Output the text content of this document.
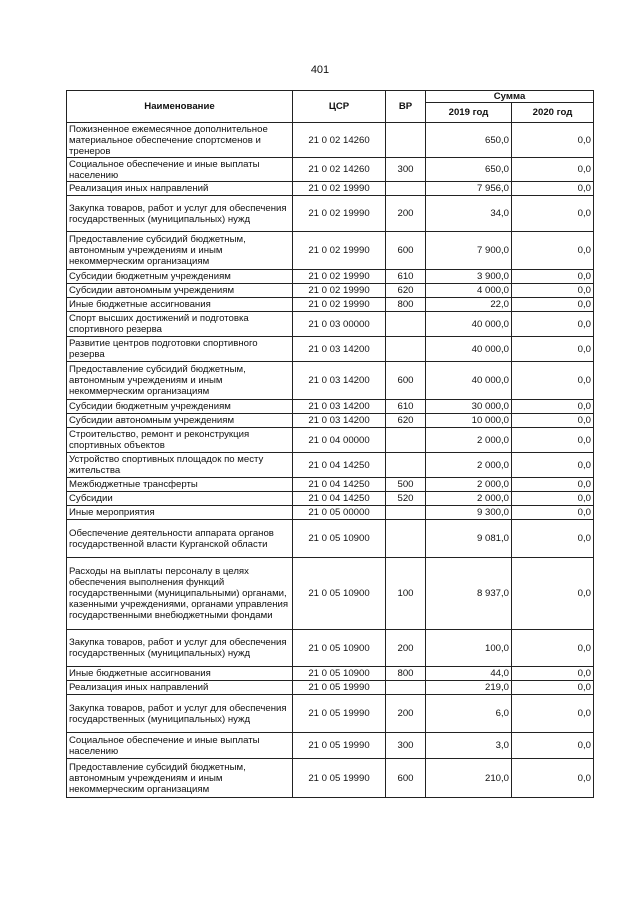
401
Наименование	ЦСР	ВР	Сумма	
			2019 год	2020 год
Пожизненное ежемесячное дополнительное материальное обеспечение спортсменов и тренеров	21 0 02 14260		650,0	0,0
Социальное обеспечение и иные выплаты населению	21 0 02 14260	300	650,0	0,0
Реализация иных направлений	21 0 02 19990		7 956,0	0,0
Закупка товаров, работ и услуг для обеспечения государственных (муниципальных) нужд	21 0 02 19990	200	34,0	0,0
Предоставление субсидий бюджетным, автономным учреждениям и иным некоммерческим организациям	21 0 02 19990	600	7 900,0	0,0
Субсидии бюджетным учреждениям	21 0 02 19990	610	3 900,0	0,0
Субсидии автономным учреждениям	21 0 02 19990	620	4 000,0	0,0
Иные бюджетные ассигнования	21 0 02 19990	800	22,0	0,0
Спорт высших достижений и подготовка спортивного резерва	21 0 03 00000		40 000,0	0,0
Развитие центров подготовки спортивного резерва	21 0 03 14200		40 000,0	0,0
Предоставление субсидий бюджетным, автономным учреждениям и иным некоммерческим организациям	21 0 03 14200	600	40 000,0	0,0
Субсидии бюджетным учреждениям	21 0 03 14200	610	30 000,0	0,0
Субсидии автономным учреждениям	21 0 03 14200	620	10 000,0	0,0
Строительство, ремонт и реконструкция спортивных объектов	21 0 04 00000		2 000,0	0,0
Устройство спортивных площадок по месту жительства	21 0 04 14250		2 000,0	0,0
Межбюджетные трансферты	21 0 04 14250	500	2 000,0	0,0
Субсидии	21 0 04 14250	520	2 000,0	0,0
Иные мероприятия	21 0 05 00000		9 300,0	0,0
Обеспечение деятельности аппарата органов государственной власти Курганской области	21 0 05 10900		9 081,0	0,0
Расходы на выплаты персоналу в целях обеспечения выполнения функций государственными (муниципальными) органами, казенными учреждениями, органами управления государственными внебюджетными фондами	21 0 05 10900	100	8 937,0	0,0
Закупка товаров, работ и услуг для обеспечения государственных (муниципальных) нужд	21 0 05 10900	200	100,0	0,0
Иные бюджетные ассигнования	21 0 05 10900	800	44,0	0,0
Реализация иных направлений	21 0 05 19990		219,0	0,0
Закупка товаров, работ и услуг для обеспечения государственных (муниципальных) нужд	21 0 05 19990	200	6,0	0,0
Социальное обеспечение и иные выплаты населению	21 0 05 19990	300	3,0	0,0
Предоставление субсидий бюджетным, автономным учреждениям и иным некоммерческим организациям	21 0 05 19990	600	210,0	0,0
